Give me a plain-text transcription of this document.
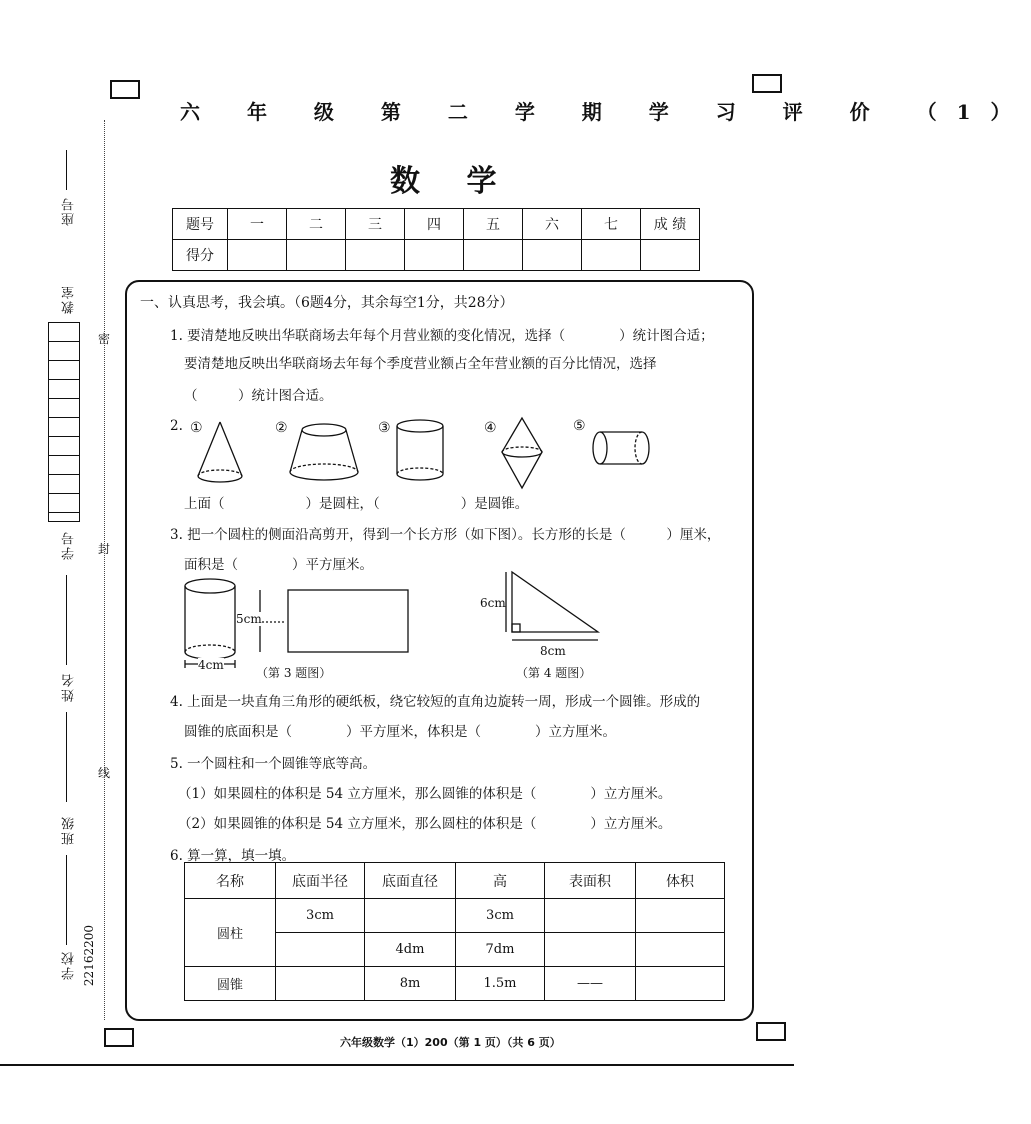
座号
教室
学号
姓名
班级
学校 22162200
密
封
线
六 年 级 第 二 学 期 学 习 评 价 （1）
数 学
题号	一	二	三	四	五	六	七	成 绩
得分								
一、认真思考，我会填。（6题4分，其余每空1分，共28分）
1. 要清楚地反映出华联商场去年每个月营业额的变化情况，选择（　　　　）统计图合适；
要清楚地反映出华联商场去年每个季度营业额占全年营业额的百分比情况，选择
（　　　）统计图合适。
2. ①	②	③	④	⑤
上面（　　　　　　）是圆柱，（　　　　　　）是圆锥。
3. 把一个圆柱的侧面沿高剪开，得到一个长方形（如下图）。长方形的长是（　　　）厘米，
面积是（　　　　）平方厘米。
5cm
4cm
（第 3 题图）
6cm
8cm
（第 4 题图）
4. 上面是一块直角三角形的硬纸板，绕它较短的直角边旋转一周，形成一个圆锥。形成的
圆锥的底面积是（　　　　）平方厘米，体积是（　　　　）立方厘米。
5. 一个圆柱和一个圆锥等底等高。
（1）如果圆柱的体积是 54 立方厘米，那么圆锥的体积是（　　　　）立方厘米。
（2）如果圆锥的体积是 54 立方厘米，那么圆柱的体积是（　　　　）立方厘米。
6. 算一算，填一填。
名称	底面半径	底面直径	高	表面积	体积
圆柱	3cm		3cm		
		4dm	7dm		
圆锥		8m	1.5m	——	
六年级数学（1）200（第 1 页）（共 6 页）
